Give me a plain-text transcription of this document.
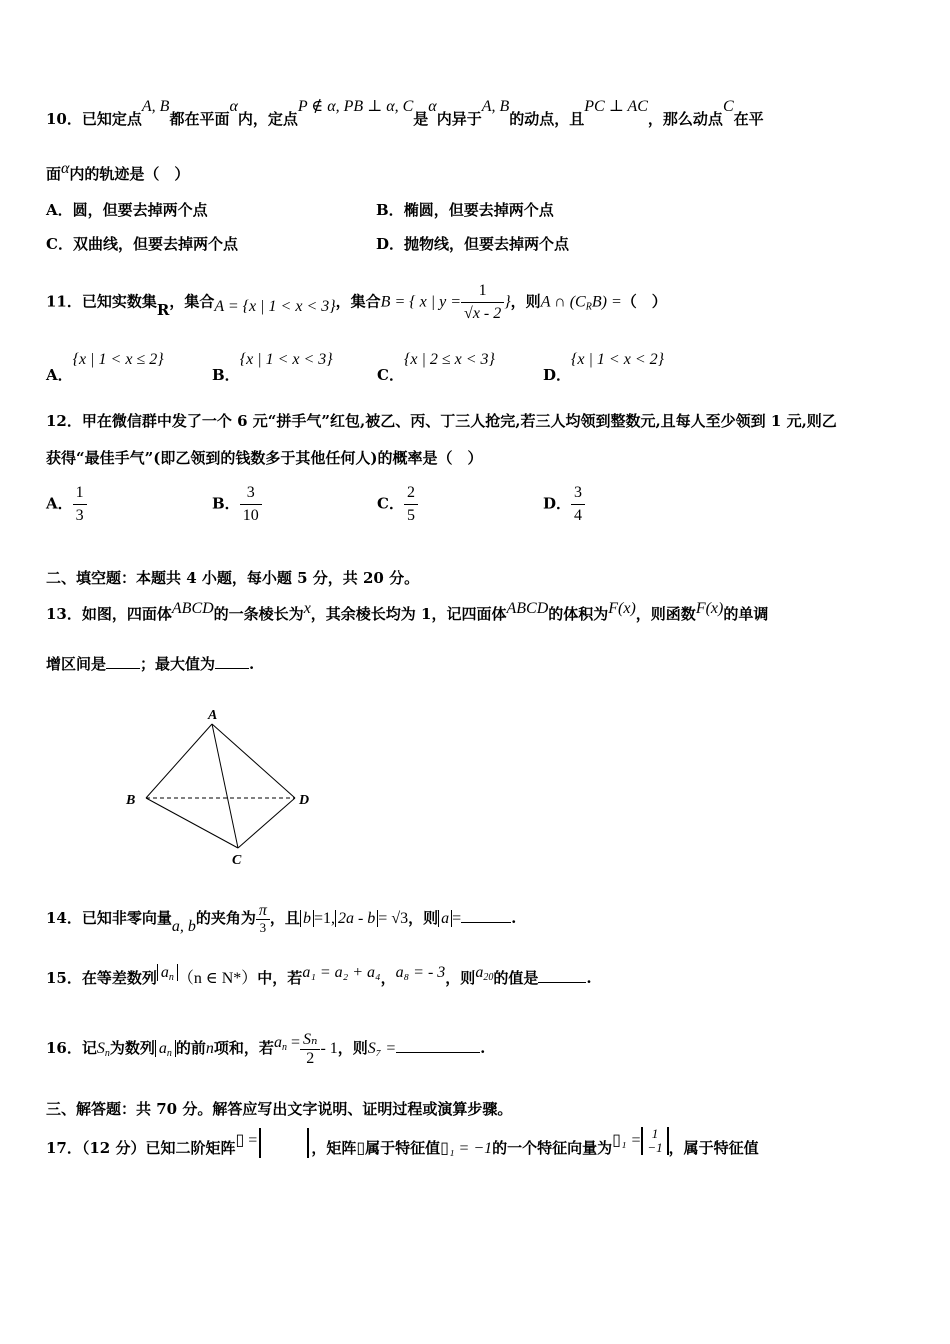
10．已知定点A, B都在平面α内，定点P ∉ α, PB ⊥ α, C是α内异于A, B的动点，且PC ⊥ AC，那么动点C在平
面α内的轨迹是（　）
A．圆，但要去掉两个点	B．椭圆，但要去掉两个点
C．双曲线，但要去掉两个点	D．抛物线，但要去掉两个点
11．已知实数集R，集合A = {x | 1 < x < 3}，集合B = { x | $y = \frac{1}{√x - 2}$ }，则A ∩ $(C_RB)$ =（　）
A．{x | 1 < x ≤ 2}
B．{x | 1 < x < 3}
C．{x | 2 ≤ x < 3}
D．{x | 1 < x < 2}
12．甲在微信群中发了一个 6 元“拼手气”红包,被乙、丙、丁三人抢完,若三人均领到整数元,且每人至少领到 1 元,则乙
获得“最佳手气”(即乙领到的钱数多于其他任何人)的概率是（　）
A． $\frac{1}{3}$	B． $\frac{3}{10}$	C． $\frac{2}{5}$	D． $\frac{3}{4}$
二、填空题：本题共 4 小题，每小题 5 分，共 20 分。
13．如图，四面体ABCD的一条棱长为x，其余棱长均为 1，记四面体ABCD的体积为F(x)，则函数F(x)的单调
增区间是 ；最大值为 .
A
B
C
D
14．已知非零向量a, b的夹角为 $\frac{\pi}{3}$ ，且 b =1, 2a - b = √3，则 a =	.
15．在等差数列 $a_n$ （n ∈ N*）中，若a₁ = a₂ + a₄，a₈ = - 3，则$a_{20}$的值是	.
16．记$S_n$为数列 $a_n$ 的前n项和，若$a_n = \frac{\text{Sₙ}}{2} - 1$，则S₇ =	.
三、解答题：共 70 分。解答应写出文字说明、证明过程或演算步骤。
17．（12 分）已知二阶矩阵▯ =	，矩阵▯属于特征值▯₁ = −1的一个特征向量为▯₁ = 1
−1 ，属于特征值
